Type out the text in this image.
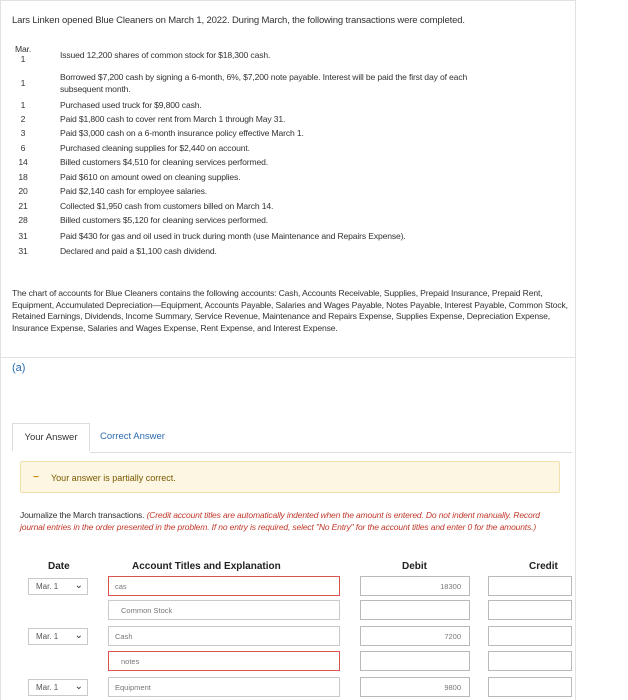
Lars Linken opened Blue Cleaners on March 1, 2022. During March, the following transactions were completed.
Mar.
1	Issued 12,200 shares of common stock for $18,300 cash.
1
Borrowed $7,200 cash by signing a 6-month, 6%, $7,200 note payable. Interest will be paid the first day of each
subsequent month.
1	Purchased used truck for $9,800 cash.
2	Paid $1,800 cash to cover rent from March 1 through May 31.
3	Paid $3,000 cash on a 6-month insurance policy effective March 1.
6	Purchased cleaning supplies for $2,440 on account.
14	Billed customers $4,510 for cleaning services performed.
18	Paid $610 on amount owed on cleaning supplies.
20	Paid $2,140 cash for employee salaries.
21	Collected $1,950 cash from customers billed on March 14.
28	Billed customers $5,120 for cleaning services performed.
31	Paid $430 for gas and oil used in truck during month (use Maintenance and Repairs Expense).
31	Declared and paid a $1,100 cash dividend.
The chart of accounts for Blue Cleaners contains the following accounts: Cash, Accounts Receivable, Supplies, Prepaid Insurance, Prepaid Rent, Equipment, Accumulated Depreciation—Equipment, Accounts Payable, Salaries and Wages Payable, Notes Payable, Interest Payable, Common Stock, Retained Earnings, Dividends, Income Summary, Service Revenue, Maintenance and Repairs Expense, Supplies Expense, Depreciation Expense, Insurance Expense, Salaries and Wages Expense, Rent Expense, and Interest Expense.
(a)
Your Answer	Correct Answer
− Your answer is partially correct.
Journalize the March transactions. (Credit account titles are automatically indented when the amount is entered. Do not indent manually. Record journal entries in the order presented in the problem. If no entry is required, select "No Entry" for the account titles and enter 0 for the amounts.)
Date	Account Titles and Explanation	Debit	Credit
Mar. 1 ⌄	cas	18300
Common Stock
Mar. 1 ⌄	Cash	7200
notes
Mar. 1 ⌄	Equipment	9800
